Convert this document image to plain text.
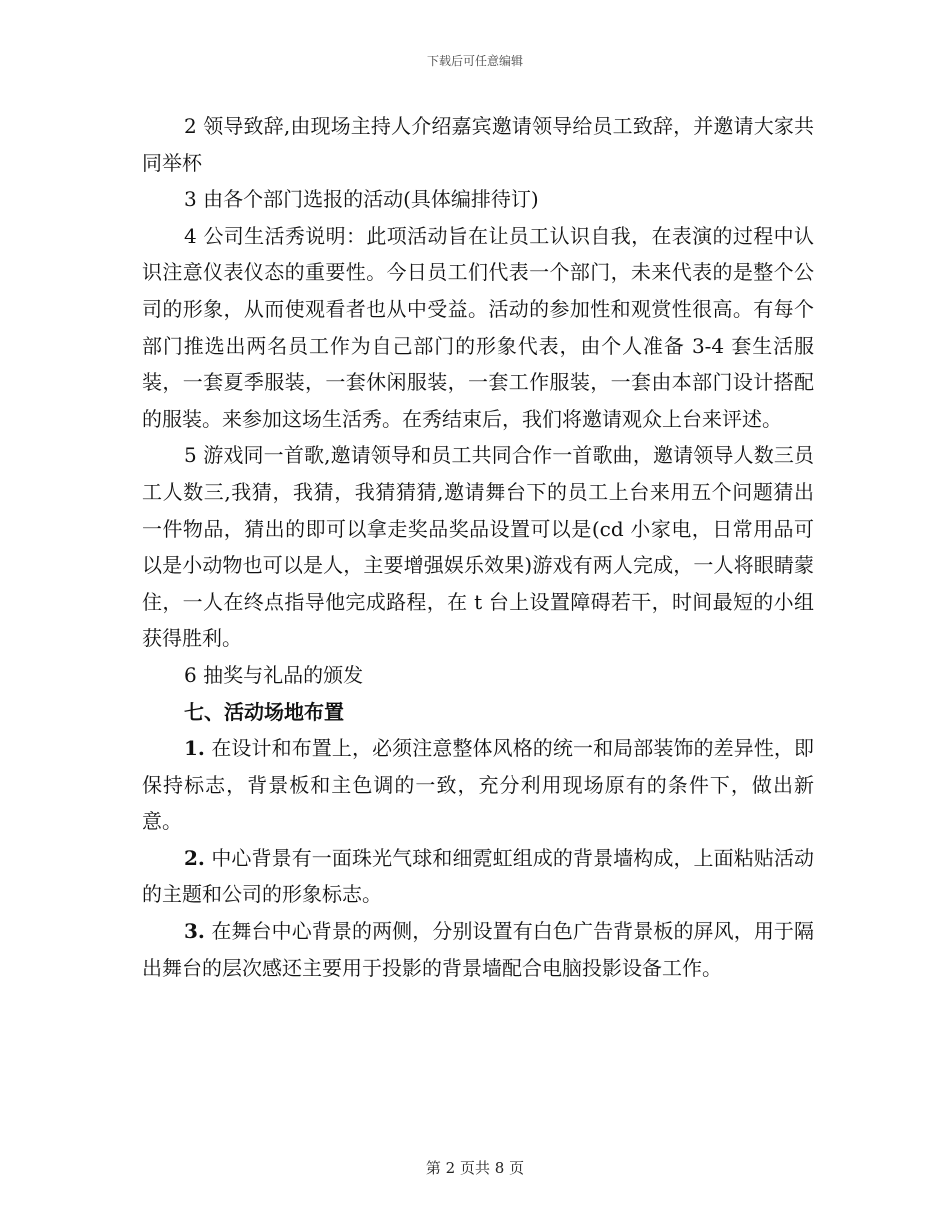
下载后可任意编辑

2 领导致辞,由现场主持人介绍嘉宾邀请领导给员工致辞，并邀请大家共同举杯

3 由各个部门选报的活动(具体编排待订)

4 公司生活秀说明：此项活动旨在让员工认识自我，在表演的过程中认识注意仪表仪态的重要性。今日员工们代表一个部门，未来代表的是整个公司的形象，从而使观看者也从中受益。活动的参加性和观赏性很高。有每个部门推选出两名员工作为自己部门的形象代表，由个人准备 3-4 套生活服装，一套夏季服装，一套休闲服装，一套工作服装，一套由本部门设计搭配的服装。来参加这场生活秀。在秀结束后，我们将邀请观众上台来评述。

5 游戏同一首歌,邀请领导和员工共同合作一首歌曲，邀请领导人数三员工人数三,我猜，我猜，我猜猜猜,邀请舞台下的员工上台来用五个问题猜出一件物品，猜出的即可以拿走奖品奖品设置可以是(cd 小家电，日常用品可以是小动物也可以是人，主要增强娱乐效果)游戏有两人完成，一人将眼睛蒙住，一人在终点指导他完成路程，在 t 台上设置障碍若干，时间最短的小组获得胜利。

6 抽奖与礼品的颁发

七、活动场地布置

1. 在设计和布置上，必须注意整体风格的统一和局部装饰的差异性，即保持标志，背景板和主色调的一致，充分利用现场原有的条件下，做出新意。

2. 中心背景有一面珠光气球和细霓虹组成的背景墙构成，上面粘贴活动的主题和公司的形象标志。

3. 在舞台中心背景的两侧，分别设置有白色广告背景板的屏风，用于隔出舞台的层次感还主要用于投影的背景墙配合电脑投影设备工作。

第 2 页共 8 页
